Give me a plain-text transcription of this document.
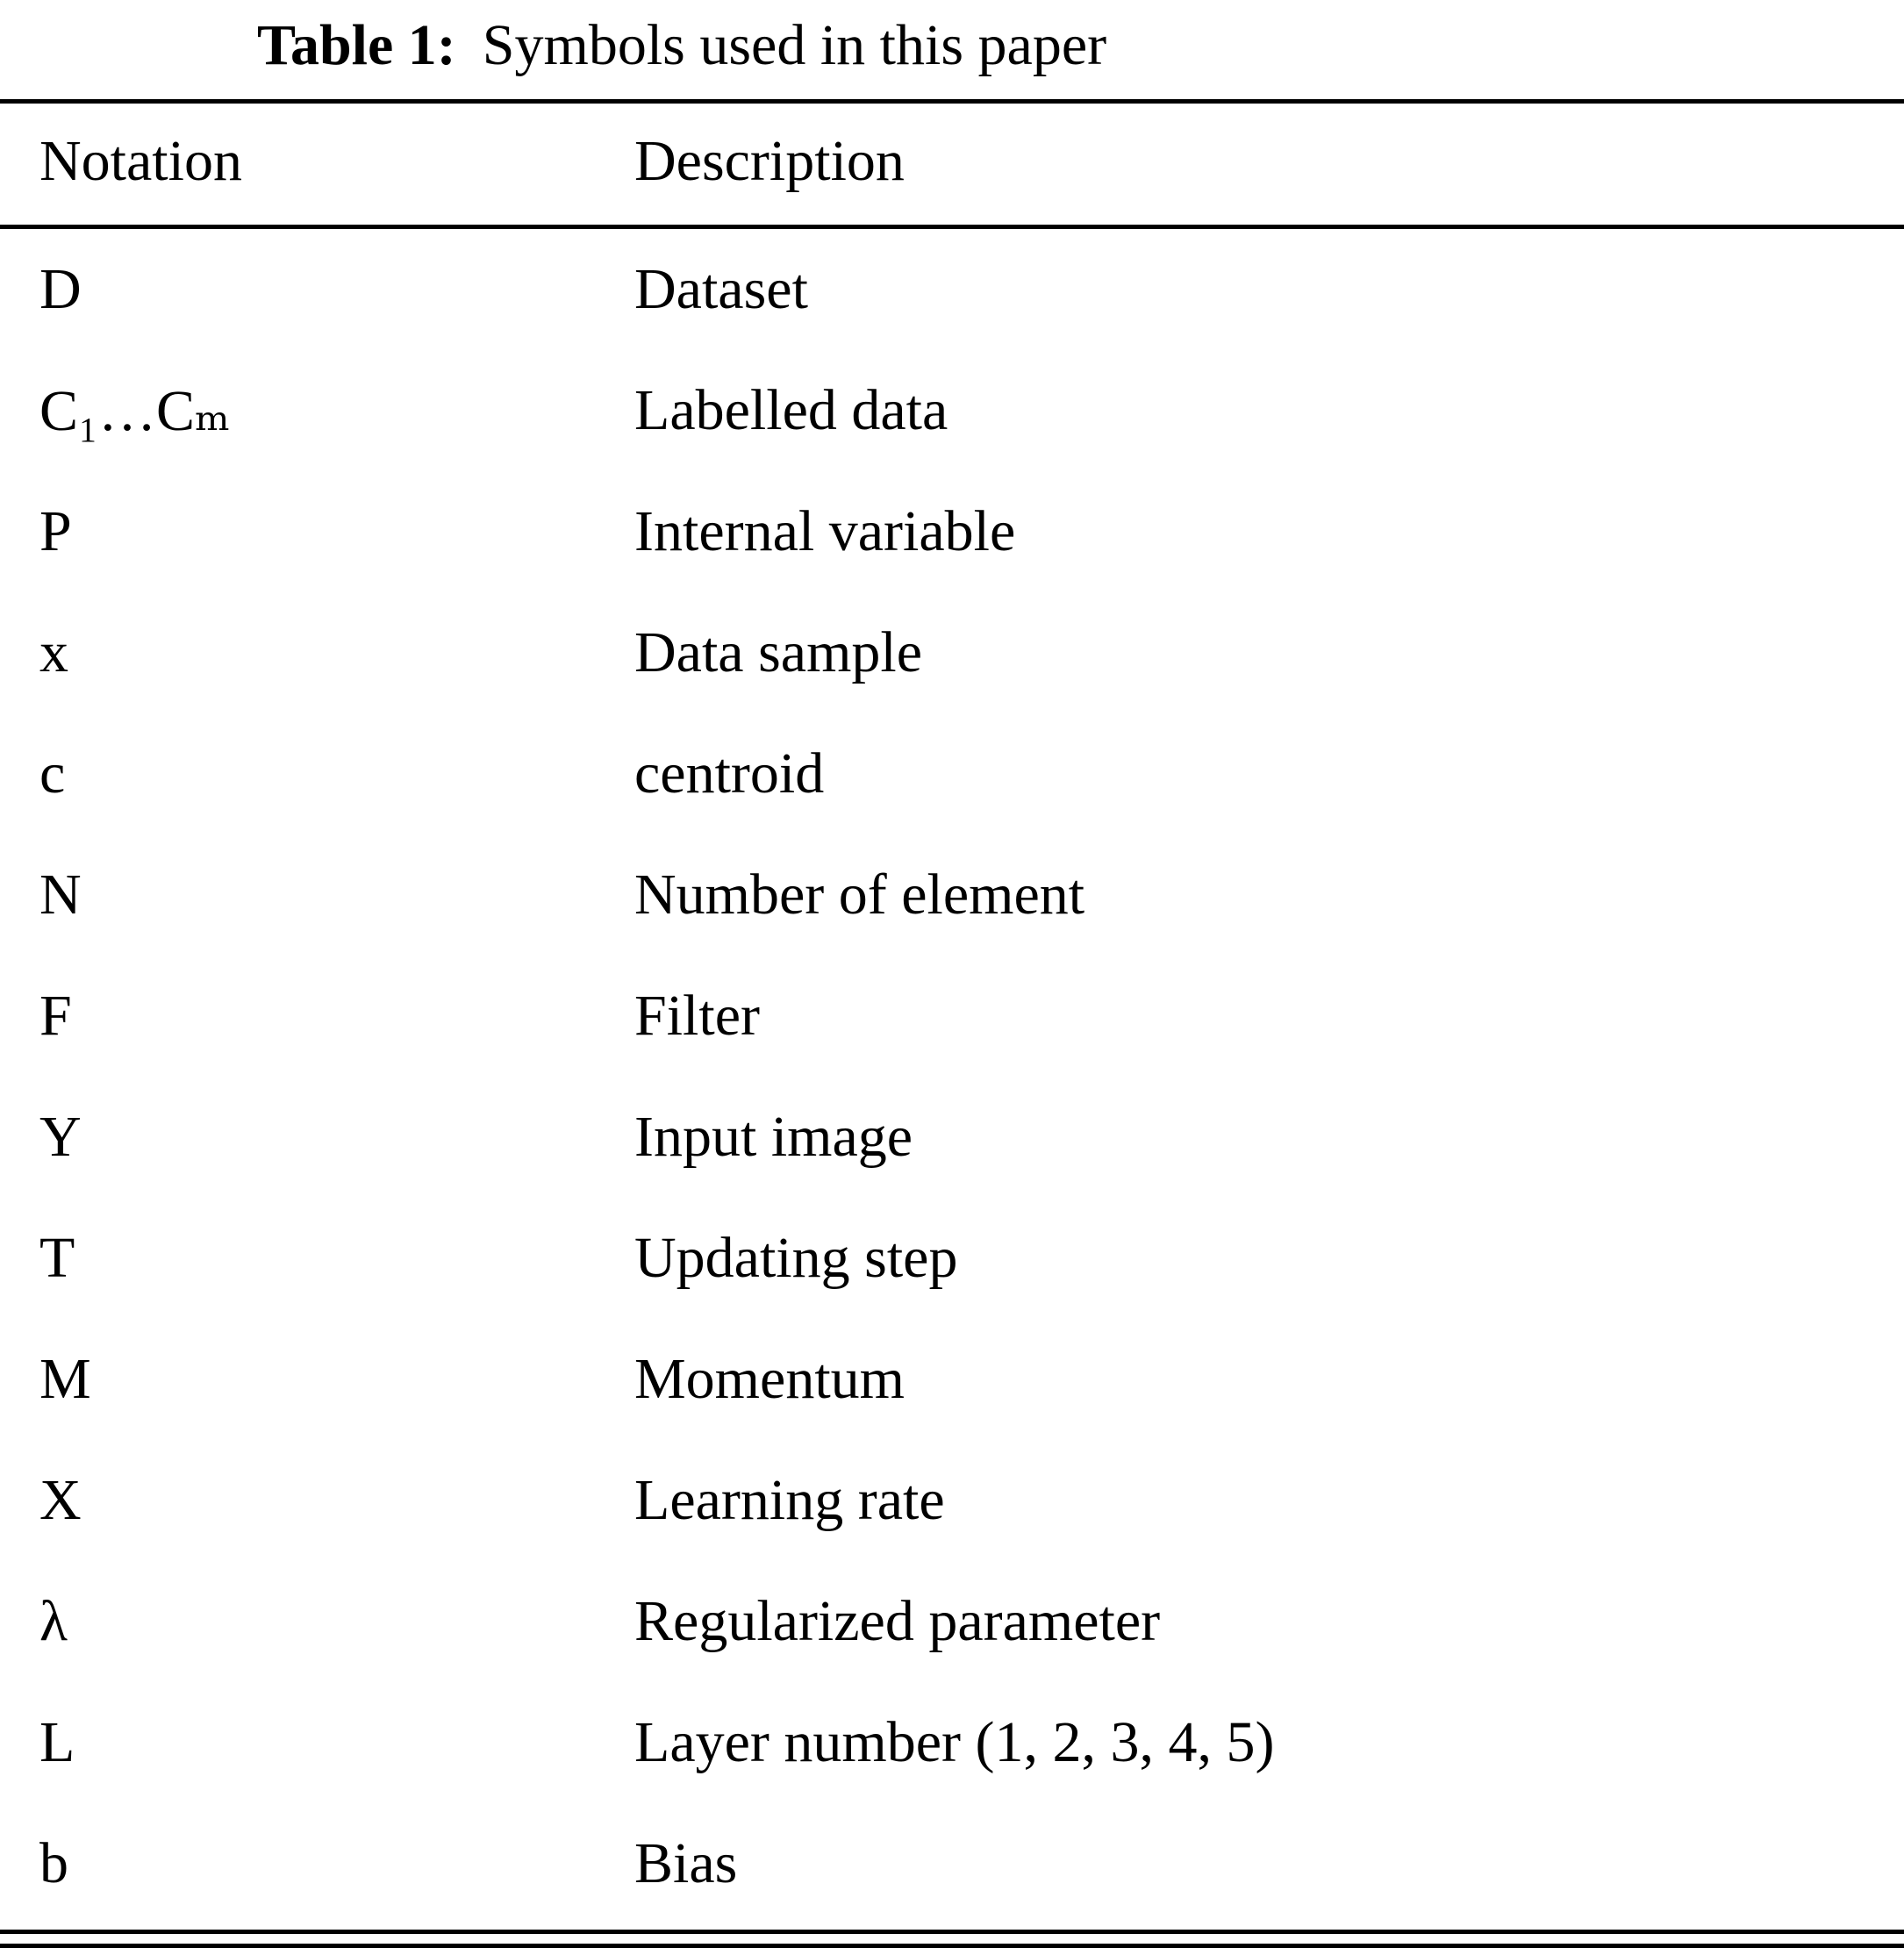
Table 1: Symbols used in this paper
Notation	Description
D	Dataset
C₁…Cₘ	Labelled data
P	Internal variable
x	Data sample
c	centroid
N	Number of element
F	Filter
Y	Input image
T	Updating step
M	Momentum
X	Learning rate
λ	Regularized parameter
L	Layer number (1, 2, 3, 4, 5)
b	Bias
